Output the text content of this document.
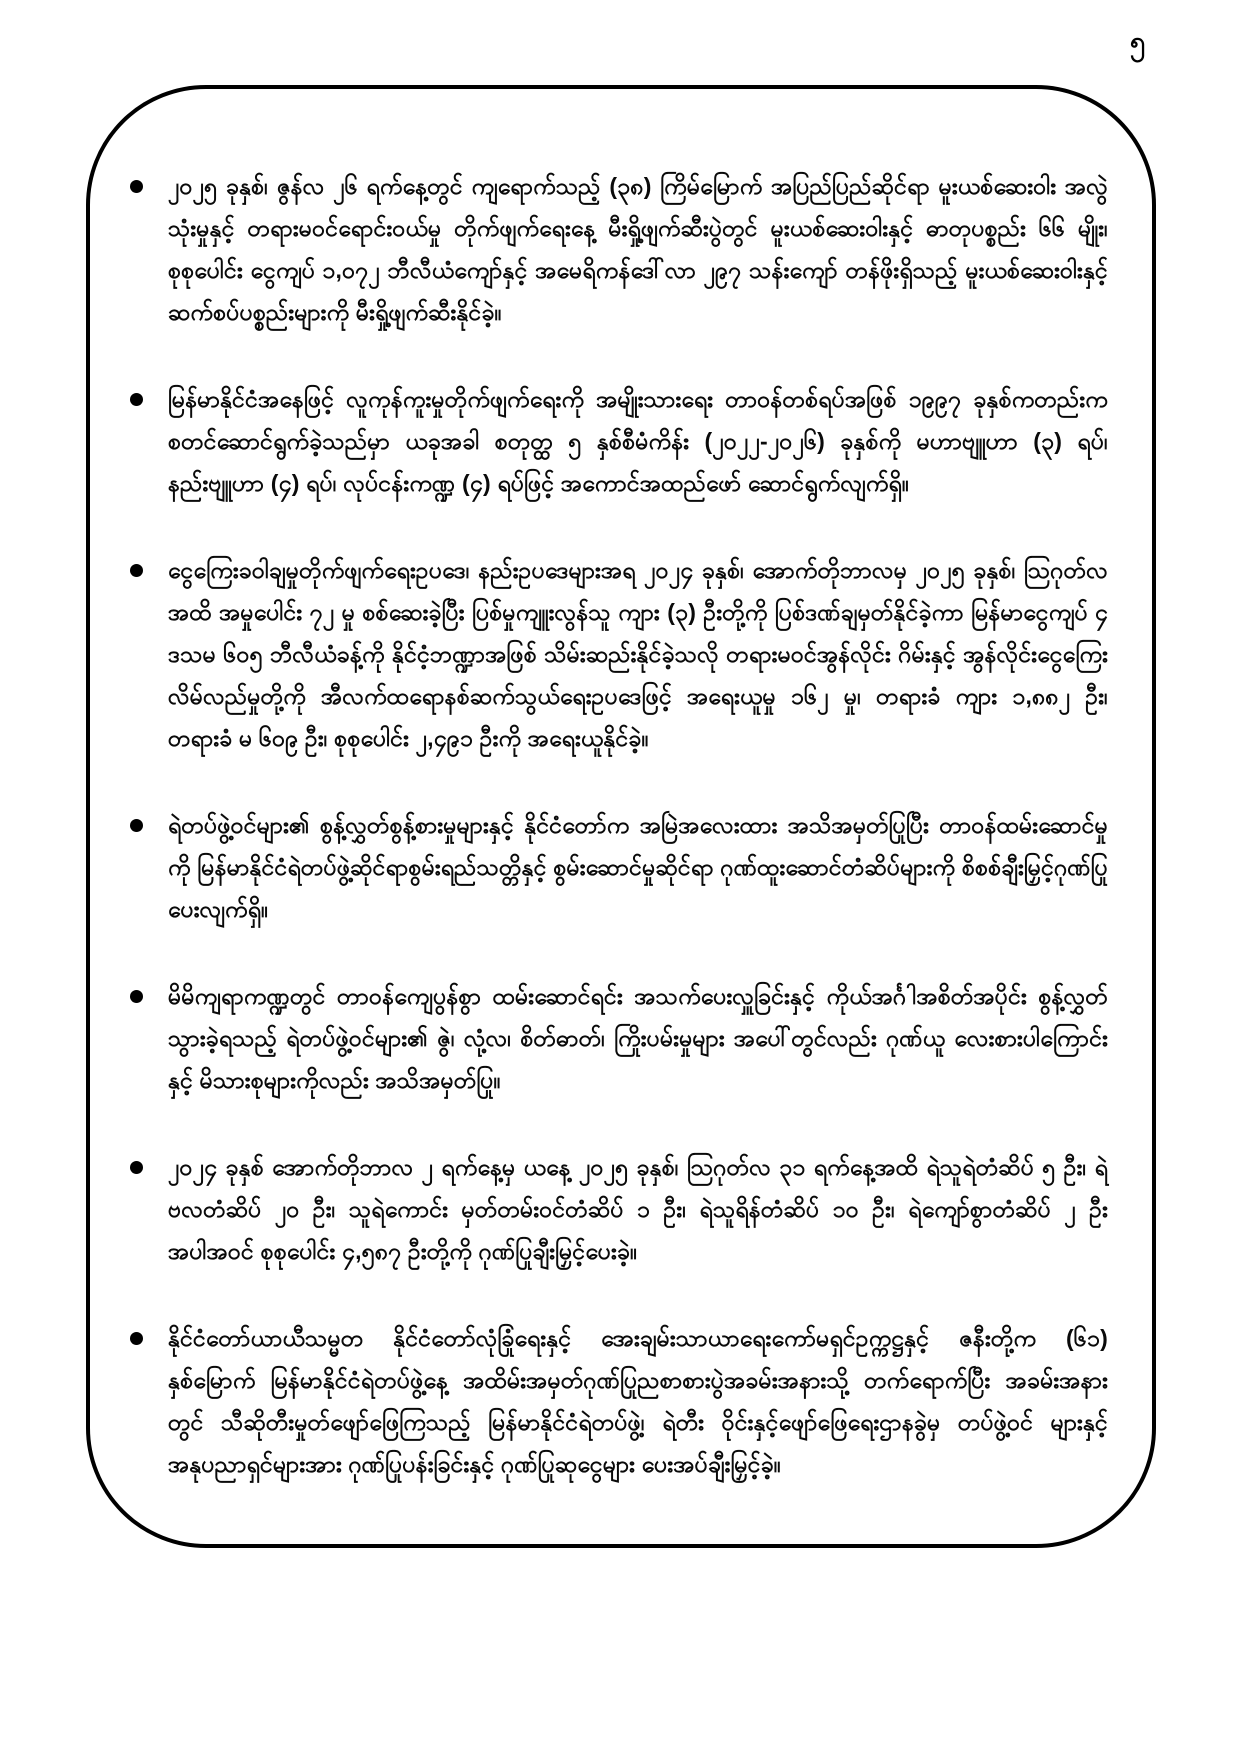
၅
၂၀၂၅ ခုနှစ်၊ ဇွန်လ ၂၆ ရက်နေ့တွင် ကျရောက်သည့် (၃၈) ကြိမ်မြောက် အပြည်ပြည်ဆိုင်ရာ မူးယစ်ဆေးဝါး အလွဲသုံးမှုနှင့် တရားမဝင်ရောင်းဝယ်မှု တိုက်ဖျက်ရေးနေ့ မီးရှို့ဖျက်ဆီးပွဲတွင် မူးယစ်ဆေးဝါးနှင့် ဓာတုပစ္စည်း ၆၆ မျိုး၊ စုစုပေါင်း ငွေကျပ် ၁,၀၇၂ ဘီလီယံကျော်နှင့် အမေရိကန်ဒေါ်လာ ၂၉၇ သန်းကျော် တန်ဖိုးရှိသည့် မူးယစ်ဆေးဝါးနှင့် ဆက်စပ်ပစ္စည်းများကို မီးရှို့ဖျက်ဆီးနိုင်ခဲ့။
မြန်မာနိုင်ငံအနေဖြင့် လူကုန်ကူးမှုတိုက်ဖျက်ရေးကို အမျိုးသားရေး တာဝန်တစ်ရပ်အဖြစ် ၁၉၉၇ ခုနှစ်ကတည်းက စတင်ဆောင်ရွက်ခဲ့သည်မှာ ယခုအခါ စတုတ္ထ ၅ နှစ်စီမံကိန်း (၂၀၂၂-၂၀၂၆) ခုနှစ်ကို မဟာဗျူဟာ (၃) ရပ်၊ နည်းဗျူဟာ (၄) ရပ်၊ လုပ်ငန်းကဏ္ဍ (၄) ရပ်ဖြင့် အကောင်အထည်ဖော် ဆောင်ရွက်လျက်ရှိ။
ငွေကြေးခဝါချမှုတိုက်ဖျက်ရေးဥပဒေ၊ နည်းဥပဒေများအရ ၂၀၂၄ ခုနှစ်၊ အောက်တိုဘာလမှ ၂၀၂၅ ခုနှစ်၊ ဩဂုတ်လအထိ အမှုပေါင်း ၇၂ မှု စစ်ဆေးခဲ့ပြီး ပြစ်မှုကျူးလွန်သူ ကျား (၃) ဦးတို့ကို ပြစ်ဒဏ်ချမှတ်နိုင်ခဲ့ကာ မြန်မာငွေကျပ် ၄ ဒသမ ၆၀၅ ဘီလီယံခန့်ကို နိုင်ငံ့ဘဏ္ဍာအဖြစ် သိမ်းဆည်းနိုင်ခဲ့သလို တရားမဝင်အွန်လိုင်း ဂိမ်းနှင့် အွန်လိုင်းငွေကြေးလိမ်လည်မှုတို့ကို အီလက်ထရောနစ်ဆက်သွယ်ရေးဥပဒေဖြင့် အရေးယူမှု ၁၆၂ မှု၊ တရားခံ ကျား ၁,၈၈၂ ဦး၊ တရားခံ မ ၆၀၉ ဦး၊ စုစုပေါင်း ၂,၄၉၁ ဦးကို အရေးယူနိုင်ခဲ့။
ရဲတပ်ဖွဲ့ဝင်များ၏ စွန့်လွှတ်စွန့်စားမှုများနှင့် နိုင်ငံတော်က အမြဲအလေးထား အသိအမှတ်ပြုပြီး တာဝန်ထမ်းဆောင်မှုကို မြန်မာနိုင်ငံရဲတပ်ဖွဲ့ဆိုင်ရာစွမ်းရည်သတ္တိနှင့် စွမ်းဆောင်မှုဆိုင်ရာ ဂုဏ်ထူးဆောင်တံဆိပ်များကို စိစစ်ချီးမြှင့်ဂုဏ်ပြုပေးလျက်ရှိ။
မိမိကျရာကဏ္ဍတွင် တာဝန်ကျေပွန်စွာ ထမ်းဆောင်ရင်း အသက်ပေးလှူခြင်းနှင့် ကိုယ်အင်္ဂါအစိတ်အပိုင်း စွန့်လွှတ်သွားခဲ့ရသည့် ရဲတပ်ဖွဲ့ဝင်များ၏ ဇွဲ၊ လုံ့လ၊ စိတ်ဓာတ်၊ ကြိုးပမ်းမှုများ အပေါ်တွင်လည်း ဂုဏ်ယူ လေးစားပါကြောင်းနှင့် မိသားစုများကိုလည်း အသိအမှတ်ပြု။
၂၀၂၄ ခုနှစ် အောက်တိုဘာလ ၂ ရက်နေ့မှ ယနေ့ ၂၀၂၅ ခုနှစ်၊ ဩဂုတ်လ ၃၁ ရက်နေ့အထိ ရဲသူရဲတံဆိပ် ၅ ဦး၊ ရဲဗလတံဆိပ် ၂၀ ဦး၊ သူရဲကောင်း မှတ်တမ်းဝင်တံဆိပ် ၁ ဦး၊ ရဲသူရိန်တံဆိပ် ၁၀ ဦး၊ ရဲကျော်စွာတံဆိပ် ၂ ဦး အပါအဝင် စုစုပေါင်း ၄,၅၈၇ ဦးတို့ကို ဂုဏ်ပြုချီးမြှင့်ပေးခဲ့။
နိုင်ငံတော်ယာယီသမ္မတ နိုင်ငံတော်လုံခြုံရေးနှင့် အေးချမ်းသာယာရေးကော်မရှင်ဥက္ကဋ္ဌနှင့် ဇနီးတို့က (၆၁) နှစ်မြောက် မြန်မာနိုင်ငံရဲတပ်ဖွဲ့နေ့ အထိမ်းအမှတ်ဂုဏ်ပြုညစာစားပွဲအခမ်းအနားသို့ တက်ရောက်ပြီး အခမ်းအနားတွင် သီဆိုတီးမှုတ်ဖျော်ဖြေကြသည့် မြန်မာနိုင်ငံရဲတပ်ဖွဲ့၊ ရဲတီး ဝိုင်းနှင့်ဖျော်ဖြေရေးဌာနခွဲမှ တပ်ဖွဲ့ဝင် များနှင့် အနုပညာရှင်များအား ဂုဏ်ပြုပန်းခြင်းနှင့် ဂုဏ်ပြုဆုငွေများ ပေးအပ်ချီးမြှင့်ခဲ့။
